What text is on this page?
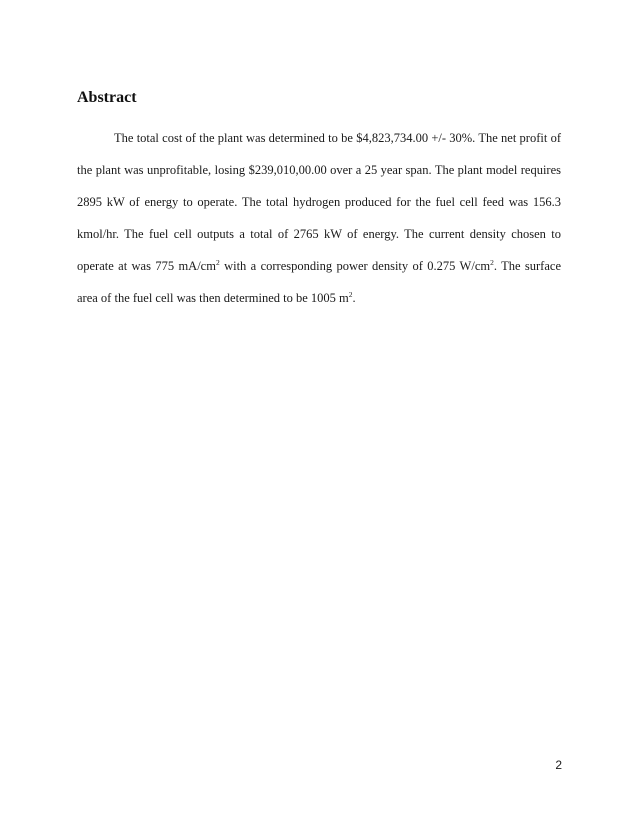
Abstract

The total cost of the plant was determined to be $4,823,734.00 +/- 30%. The net profit of the plant was unprofitable, losing $239,010,00.00 over a 25 year span. The plant model requires 2895 kW of energy to operate. The total hydrogen produced for the fuel cell feed was 156.3 kmol/hr. The fuel cell outputs a total of 2765 kW of energy. The current density chosen to operate at was 775 $mA/cm^2$ with a corresponding power density of 0.275 $W/cm^2$. The surface area of the fuel cell was then determined to be 1005 $m^2$.

2
